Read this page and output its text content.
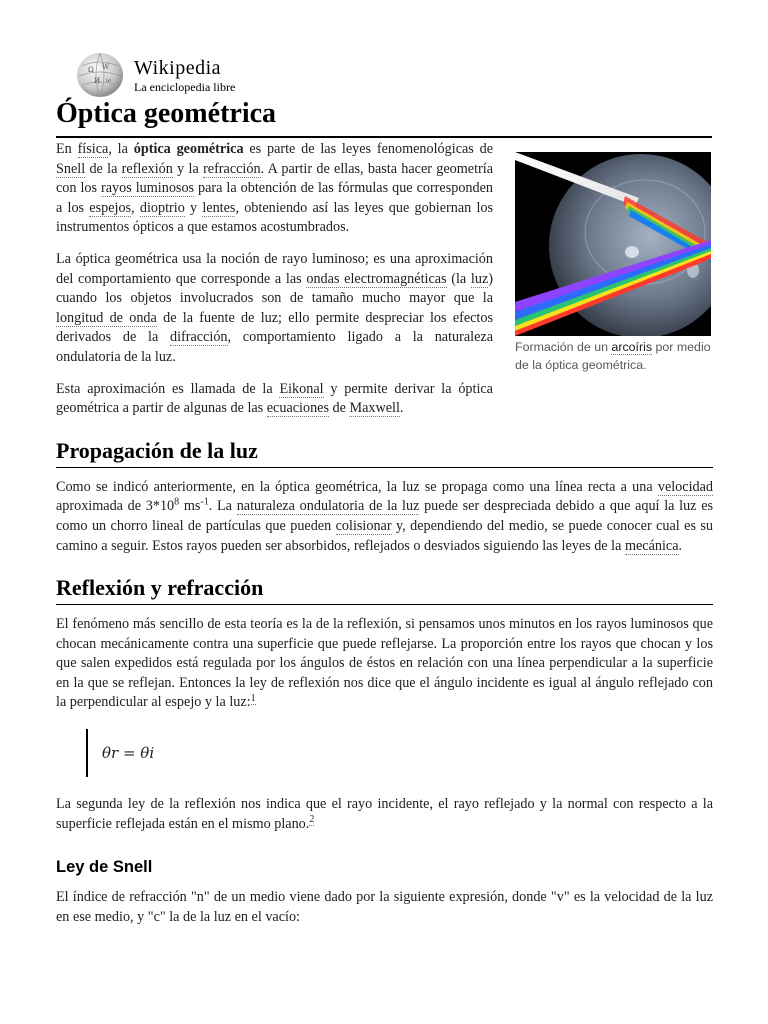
Ω W
И ω
Wikipedia
La enciclopedia libre
Óptica geométrica
Formación de un arcoíris por medio de la óptica geométrica.

En física, la óptica geométrica es parte de las leyes fenomenológicas de Snell de la reflexión y la refracción. A partir de ellas, basta hacer geometría con los rayos luminosos para la obtención de las fórmulas que corresponden a los espejos, dioptrio y lentes, obteniendo así las leyes que gobiernan los instrumentos ópticos a que estamos acostumbrados.

La óptica geométrica usa la noción de rayo luminoso; es una aproximación del comportamiento que corresponde a las ondas electromagnéticas (la luz) cuando los objetos involucrados son de tamaño mucho mayor que la longitud de onda de la fuente de luz; ello permite despreciar los efectos derivados de la difracción, comportamiento ligado a la naturaleza ondulatoria de la luz.

Esta aproximación es llamada de la Eikonal y permite derivar la óptica geométrica a partir de algunas de las ecuaciones de Maxwell.

Propagación de la luz

Como se indicó anteriormente, en la óptica geométrica, la luz se propaga como una línea recta a una velocidad aproximada de $3*10^8$ $ms^{-1}$. La naturaleza ondulatoria de la luz puede ser despreciada debido a que aquí la luz es como un chorro lineal de partículas que pueden colisionar y, dependiendo del medio, se puede conocer cual es su camino a seguir. Estos rayos pueden ser absorbidos, reflejados o desviados siguiendo las leyes de la mecánica.

Reflexión y refracción

El fenómeno más sencillo de esta teoría es la de la reflexión, si pensamos unos minutos en los rayos luminosos que chocan mecánicamente contra una superficie que puede reflejarse. La proporción entre los rayos que chocan y los que salen expedidos está regulada por los ángulos de éstos en relación con una línea perpendicular a la superficie en la que se reflejan. Entonces la ley de reflexión nos dice que el ángulo incidente es igual al ángulo reflejado con la perpendicular al espejo y la luz:$^1$

θr = θi

La segunda ley de la reflexión nos indica que el rayo incidente, el rayo reflejado y la normal con respecto a la superficie reflejada están en el mismo plano.$^2$

Ley de Snell

El índice de refracción "n" de un medio viene dado por la siguiente expresión, donde "v" es la velocidad de la luz en ese medio, y "c" la de la luz en el vacío:
